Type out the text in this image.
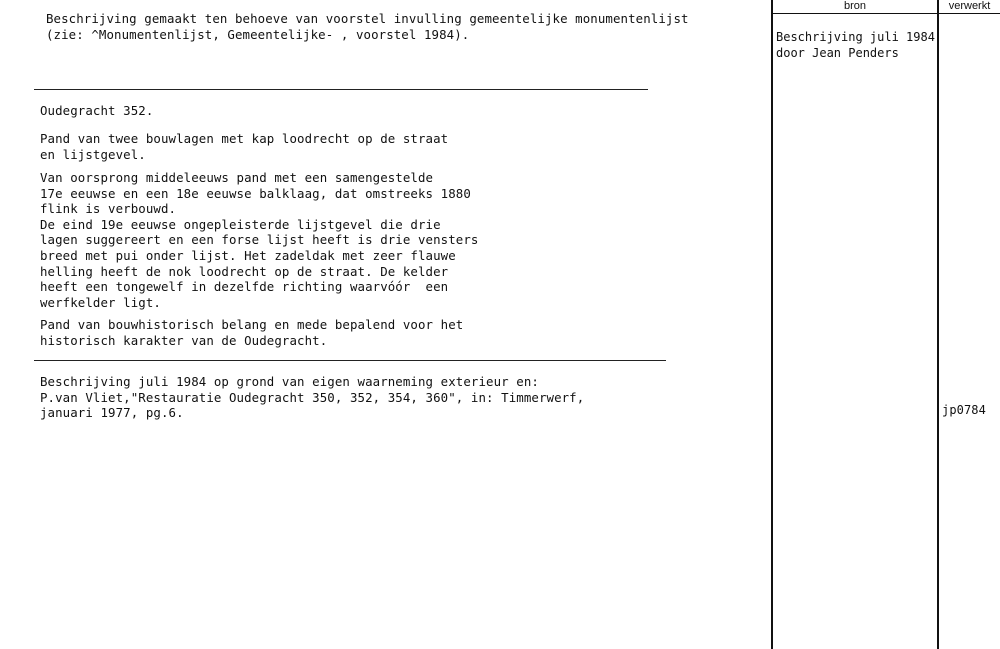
Beschrijving gemaakt ten behoeve van voorstel invulling gemeentelijke monumentenlijst
(zie: ^Monumentenlijst, Gemeentelijke- , voorstel 1984).
Oudegracht 352.
Pand van twee bouwlagen met kap loodrecht op de straat
en lijstgevel.
Van oorsprong middeleeuws pand met een samengestelde
17e eeuwse en een 18e eeuwse balklaag, dat omstreeks 1880
flink is verbouwd.
De eind 19e eeuwse ongepleisterde lijstgevel die drie
lagen suggereert en een forse lijst heeft is drie vensters
breed met pui onder lijst. Het zadeldak met zeer flauwe
helling heeft de nok loodrecht op de straat. De kelder
heeft een tongewelf in dezelfde richting waarvóór  een
werfkelder ligt.
Pand van bouwhistorisch belang en mede bepalend voor het
historisch karakter van de Oudegracht.
Beschrijving juli 1984 op grond van eigen waarneming exterieur en:
P.van Vliet,"Restauratie Oudegracht 350, 352, 354, 360", in: Timmerwerf,
januari 1977, pg.6.
bron	verwerkt
Beschrijving juli 1984
door Jean Penders
jp0784
